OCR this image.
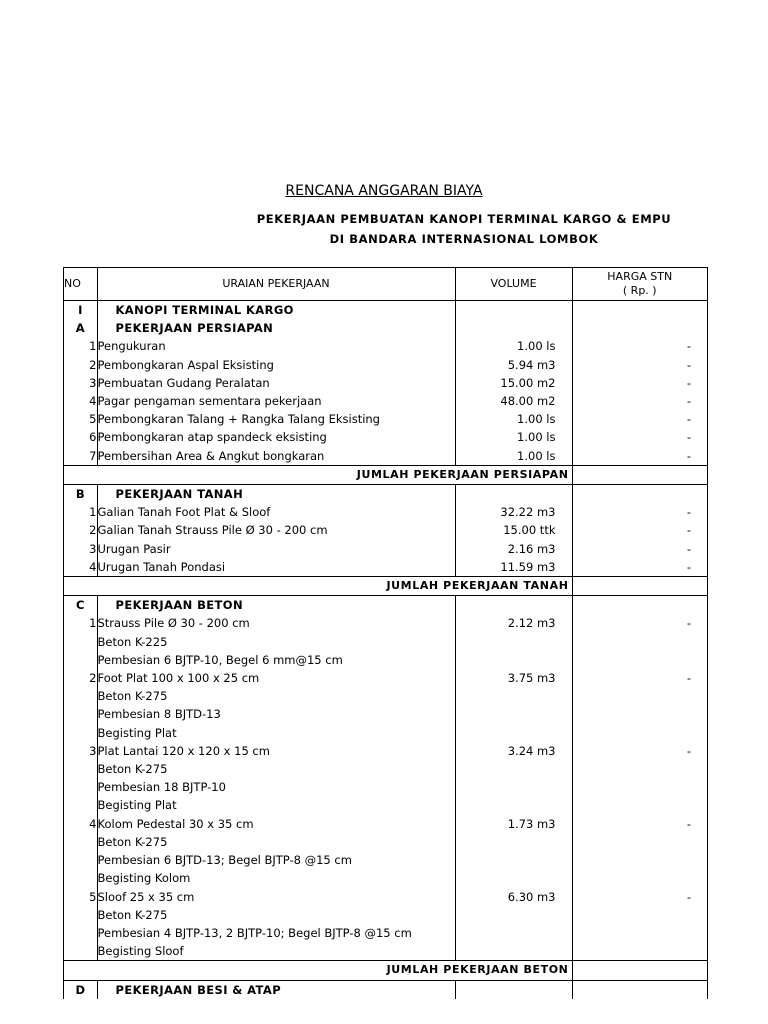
RENCANA ANGGARAN BIAYA
PEKERJAAN PEMBUATAN KANOPI TERMINAL KARGO & EMPU
DI BANDARA INTERNASIONAL LOMBOK
NO	URAIAN PEKERJAAN	VOLUME	HARGA STN
( Rp. )

I	KANOPI TERMINAL KARGO		
A	PEKERJAAN PERSIAPAN		
1	Pengukuran	1.00 ls	-
2	Pembongkaran Aspal Eksisting	5.94 m3	-
3	Pembuatan Gudang Peralatan	15.00 m2	-
4	Pagar pengaman sementara pekerjaan	48.00 m2	-
5	Pembongkaran Talang + Rangka Talang Eksisting	1.00 ls	-
6	Pembongkaran atap spandeck eksisting	1.00 ls	-
7	Pembersihan Area & Angkut bongkaran	1.00 ls	-
JUMLAH PEKERJAAN PERSIAPAN			
B	PEKERJAAN TANAH		
1	Galian Tanah Foot Plat & Sloof	32.22 m3	-
2	Galian Tanah Strauss Pile Ø 30 - 200 cm	15.00 ttk	-
3	Urugan Pasir	2.16 m3	-
4	Urugan Tanah Pondasi	11.59 m3	-
JUMLAH PEKERJAAN TANAH			
C	PEKERJAAN BETON		
1	Strauss Pile Ø 30 - 200 cm	2.12 m3	-
	Beton K-225		
	Pembesian 6 BJTP-10, Begel 6 mm@15 cm		
2	Foot Plat 100 x 100 x 25 cm	3.75 m3	-
	Beton K-275		
	Pembesian 8 BJTD-13		
	Begisting Plat		
3	Plat Lantai 120 x 120 x 15 cm	3.24 m3	-
	Beton K-275		
	Pembesian 18 BJTP-10		
	Begisting Plat		
4	Kolom Pedestal 30 x 35 cm	1.73 m3	-
	Beton K-275		
	Pembesian 6 BJTD-13; Begel BJTP-8 @15 cm		
	Begisting Kolom		
5	Sloof 25 x 35 cm	6.30 m3	-
	Beton K-275		
	Pembesian 4 BJTP-13, 2 BJTP-10; Begel BJTP-8 @15 cm		
	Begisting Sloof		
JUMLAH PEKERJAAN BETON			
D	PEKERJAAN BESI & ATAP		
